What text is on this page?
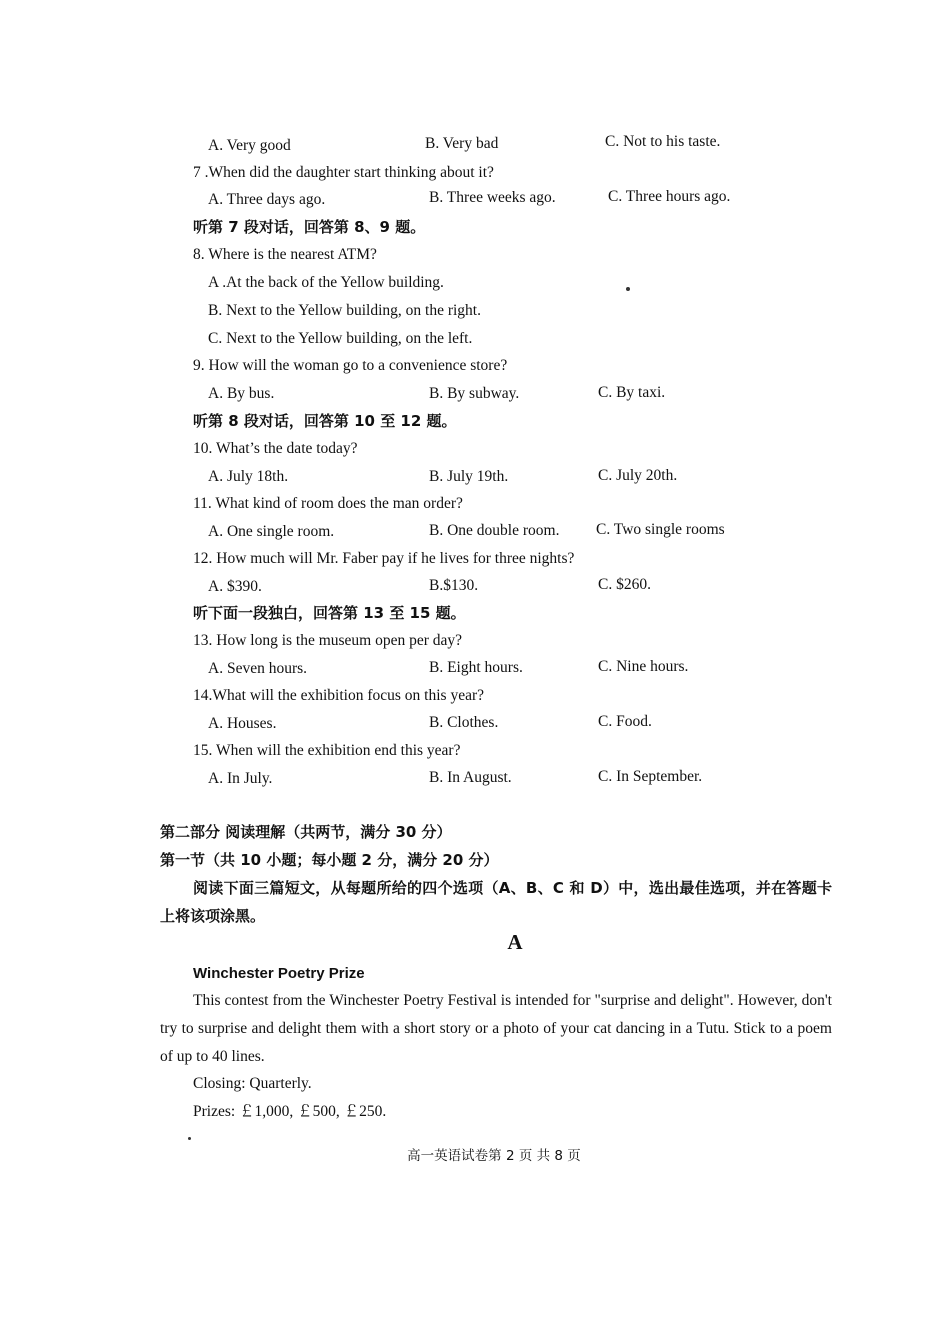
A. Very good	B. Very bad	C. Not to his taste.
7 .When did the daughter start thinking about it?
A. Three days ago.	B. Three weeks ago.	C. Three hours ago.
听第 7 段对话，回答第 8、9 题。
8. Where is the nearest ATM?
A .At the back of the Yellow building.
B. Next to the Yellow building, on the right.
C. Next to the Yellow building, on the left.
9. How will the woman go to a convenience store?
A. By bus.	B. By subway.	C. By taxi.
听第 8 段对话，回答第 10 至 12 题。
10. What’s the date today?
A. July 18th.	B. July 19th.	C. July 20th.
11. What kind of room does the man order?
A. One single room.	B. One double room. C. Two single rooms
12. How much will Mr. Faber pay if he lives for three nights?
A. $390.	B.$130.	C. $260.
听下面一段独白，回答第 13 至 15 题。
13. How long is the museum open per day?
A. Seven hours.	B. Eight hours.	C. Nine hours.
14.What will the exhibition focus on this year?
A. Houses.	B. Clothes.	C. Food.
15. When will the exhibition end this year?
A. In July.	B. In August.	C. In September.
第二部分 阅读理解（共两节，满分 30 分）
第一节（共 10 小题；每小题 2 分，满分 20 分）
阅读下面三篇短文，从每题所给的四个选项（A、B、C 和 D）中，选出最佳选项，并在答题卡上将该项涂黑。
A
Winchester Poetry Prize
This contest from the Winchester Poetry Festival is intended for "surprise and delight". However, don't try to surprise and delight them with a short story or a photo of your cat dancing in a Tutu. Stick to a poem of up to 40 lines.
Closing: Quarterly.
Prizes: ￡1,000, ￡500, ￡250.
高一英语试卷第 2 页 共 8 页
